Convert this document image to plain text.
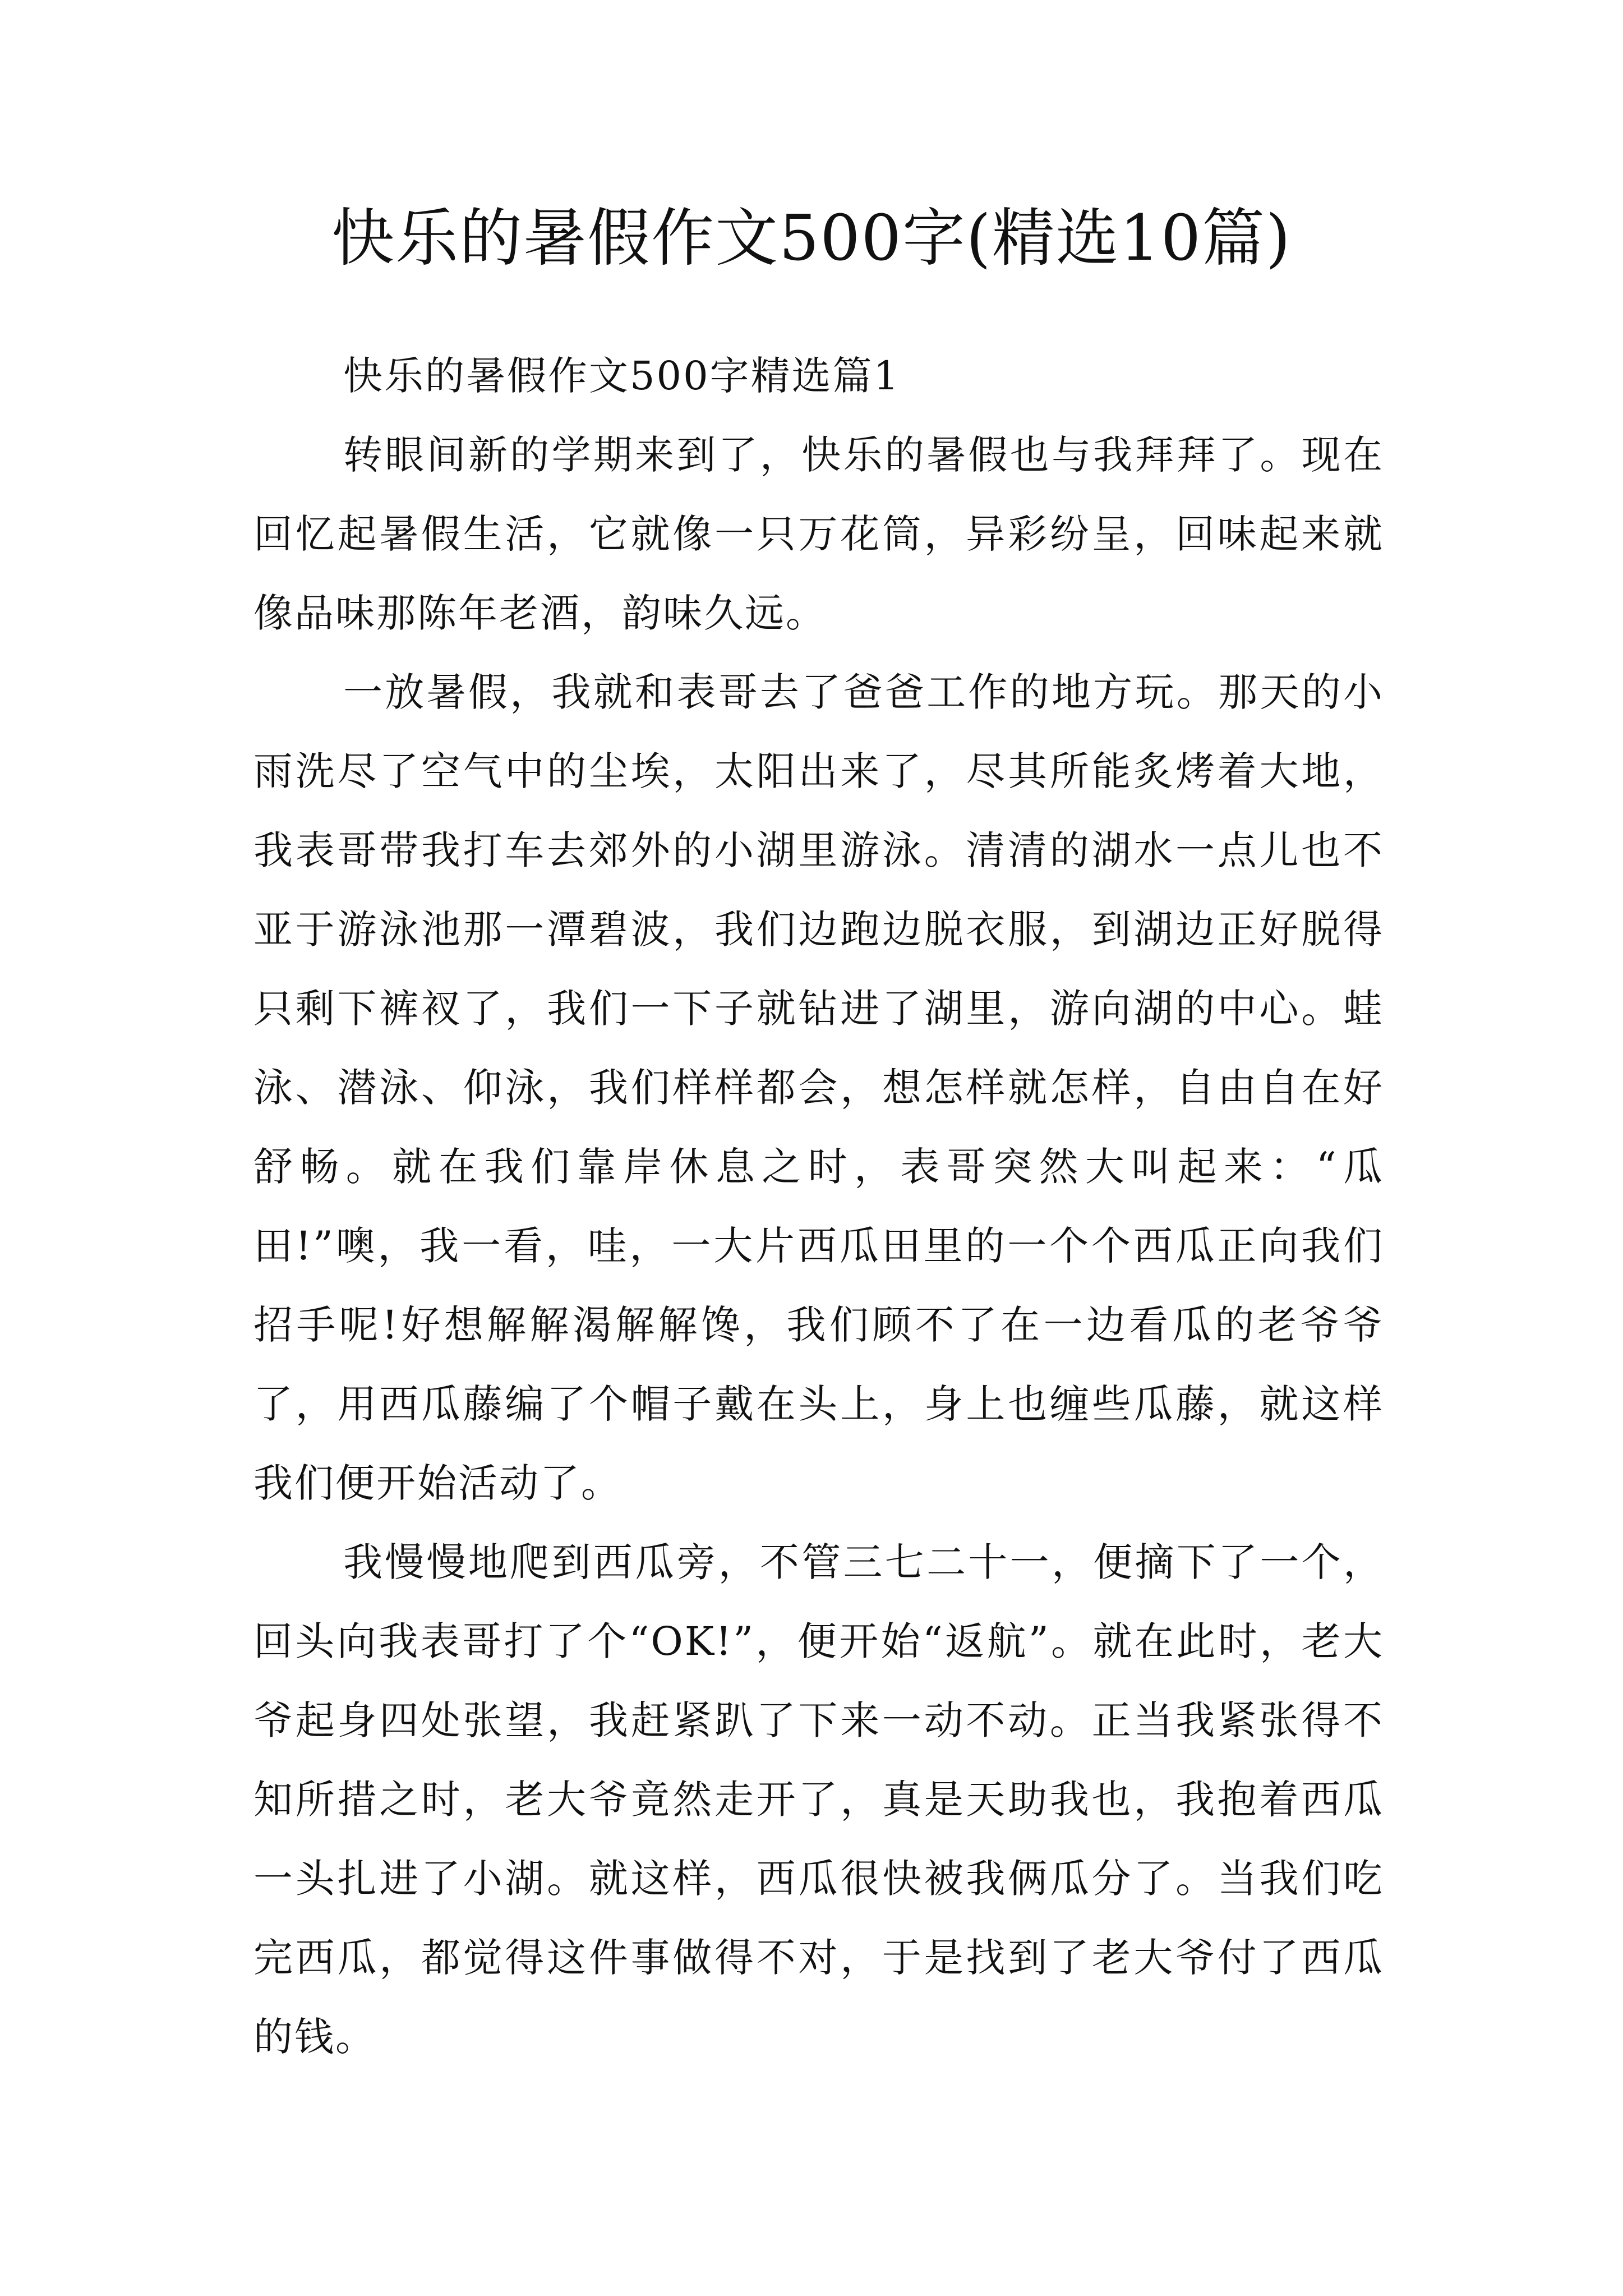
快乐的暑假作文500字(精选10篇)

快乐的暑假作文500字精选篇1

转眼间新的学期来到了，快乐的暑假也与我拜拜了。现在回忆起暑假生活，它就像一只万花筒，异彩纷呈，回味起来就像品味那陈年老酒，韵味久远。

一放暑假，我就和表哥去了爸爸工作的地方玩。那天的小雨洗尽了空气中的尘埃，太阳出来了，尽其所能炙烤着大地，我表哥带我打车去郊外的小湖里游泳。清清的湖水一点儿也不亚于游泳池那一潭碧波，我们边跑边脱衣服，到湖边正好脱得只剩下裤衩了，我们一下子就钻进了湖里，游向湖的中心。蛙泳、潜泳、仰泳，我们样样都会，想怎样就怎样，自由自在好舒畅。就在我们靠岸休息之时，表哥突然大叫起来：“瓜田!”噢，我一看，哇，一大片西瓜田里的一个个西瓜正向我们招手呢!好想解解渴解解馋，我们顾不了在一边看瓜的老爷爷了，用西瓜藤编了个帽子戴在头上，身上也缠些瓜藤，就这样我们便开始活动了。

我慢慢地爬到西瓜旁，不管三七二十一，便摘下了一个，回头向我表哥打了个“OK!”，便开始“返航”。就在此时，老大爷起身四处张望，我赶紧趴了下来一动不动。正当我紧张得不知所措之时，老大爷竟然走开了，真是天助我也，我抱着西瓜一头扎进了小湖。就这样，西瓜很快被我俩瓜分了。当我们吃完西瓜，都觉得这件事做得不对，于是找到了老大爷付了西瓜的钱。
